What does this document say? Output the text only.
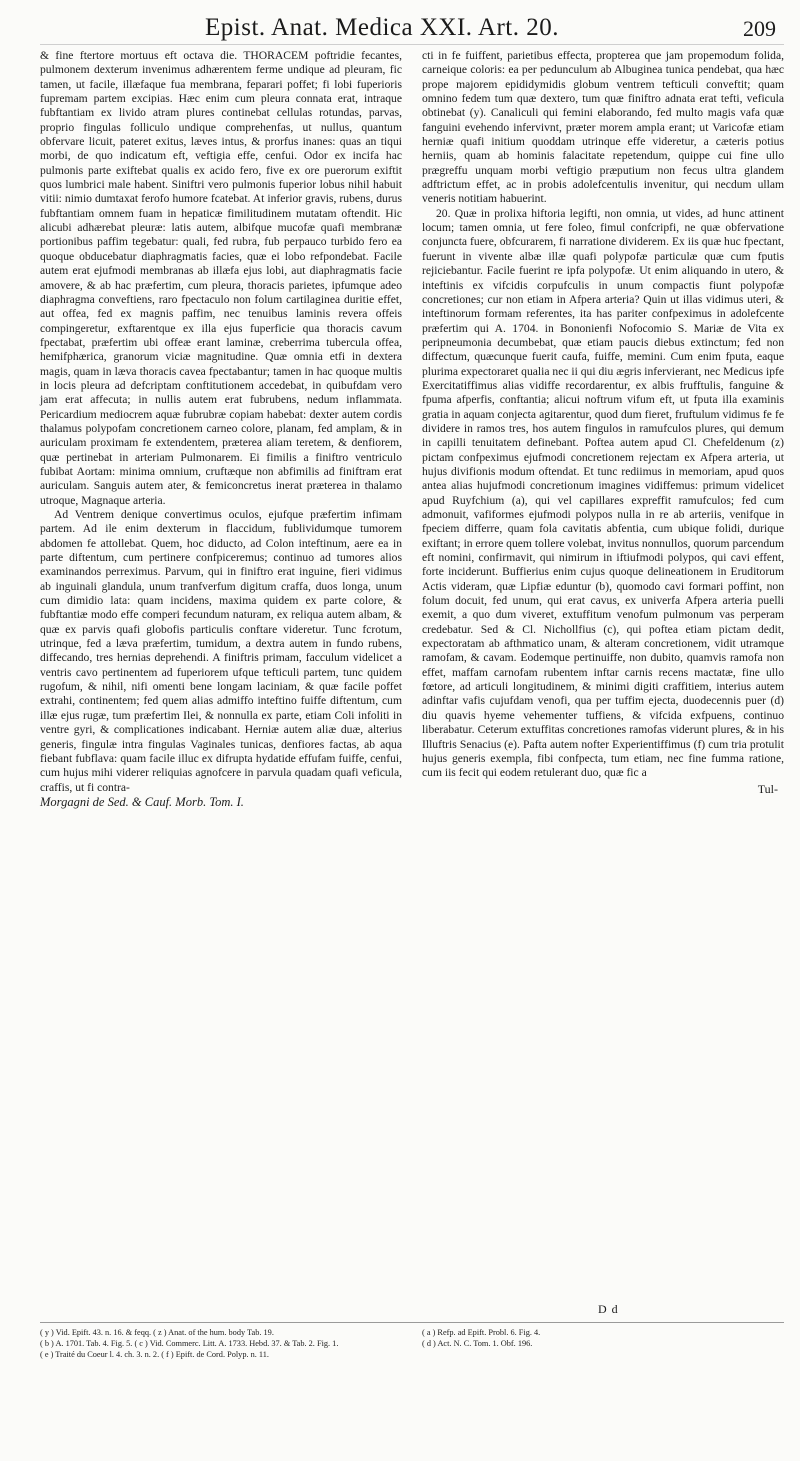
Epist. Anat. Medica XXI. Art. 20.	209

& fine ftertore mortuus eft octava die. THORACEM poftridie fecantes, pulmonem dexterum invenimus adhærentem ferme undique ad pleuram, fic tamen, ut facile, illæfaque fua membrana, feparari poffet; fi lobi fuperioris fupremam partem excipias. Hæc enim cum pleura connata erat, intraque fubftantiam ex livido atram plures continebat cellulas rotundas, parvas, proprio fingulas folliculo undique comprehenfas, ut nullus, quantum obfervare licuit, pateret exitus, læves intus, & prorfus inanes: quas an tiqui morbi, de quo indicatum eft, veftigia effe, cenfui. Odor ex incifa hac pulmonis parte exiftebat qualis ex acido fero, five ex ore puerorum exiftit quos lumbrici male habent. Siniftri vero pulmonis fuperior lobus nihil habuit vitii: nimio dumtaxat ferofo humore fcatebat. At inferior gravis, rubens, durus fubftantiam omnem fuam in hepaticæ fimilitudinem mutatam oftendit. Hic alicubi adhærebat pleuræ: latis autem, albifque mucofæ quafi membranæ portionibus paffim tegebatur: quali, fed rubra, fub perpauco turbido fero ea quoque obducebatur diaphragmatis facies, quæ ei lobo refpondebat. Facile autem erat ejufmodi membranas ab illæfa ejus lobi, aut diaphragmatis facie amovere, & ab hac præfertim, cum pleura, thoracis parietes, ipfumque adeo diaphragma conveftiens, raro fpectaculo non folum cartilaginea duritie effet, aut offea, fed ex magnis paffim, nec tenuibus laminis revera offeis compingeretur, exftarentque ex illa ejus fuperficie qua thoracis cavum fpectabat, præfertim ubi offeæ erant laminæ, creberrima tubercula offea, hemifphærica, granorum viciæ magnitudine. Quæ omnia etfi in dextera magis, quam in læva thoracis cavea fpectabantur; tamen in hac quoque multis in locis pleura ad defcriptam conftitutionem accedebat, in quibufdam vero jam erat affecuta; in nullis autem erat fubrubens, nedum inflammata. Pericardium mediocrem aquæ fubrubræ copiam habebat: dexter autem cordis thalamus polypofam concretionem carneo colore, planam, fed amplam, & in auriculam proximam fe extendentem, præterea aliam teretem, & denfiorem, quæ pertinebat in arteriam Pulmonarem. Ei fimilis a finiftro ventriculo fubibat Aortam: minima omnium, cruftæque non abfimilis ad finiftram erat auriculam. Sanguis autem ater, & femiconcretus inerat præterea in thalamo utroque, Magnaque arteria.

Ad Ventrem denique convertimus oculos, ejufque præfertim infimam partem. Ad ile enim dexterum in flaccidum, fublividumque tumorem abdomen fe attollebat. Quem, hoc diducto, ad Colon inteftinum, aere ea in parte diftentum, cum pertinere confpiceremus; continuo ad tumores alios examinandos perreximus. Parvum, qui in finiftro erat inguine, fieri vidimus ab inguinali glandula, unum tranfverfum digitum craffa, duos longa, unum cum dimidio lata: quam incidens, maxima quidem ex parte colore, & fubftantiæ modo effe comperi fecundum naturam, ex reliqua autem albam, & quæ ex parvis quafi globofis particulis conftare videretur. Tunc fcrotum, utrinque, fed a læva præfertim, tumidum, a dextra autem in fundo rubens, diffecando, tres hernias deprehendi. A finiftris primam, facculum videlicet a ventris cavo pertinentem ad fuperiorem ufque tefticuli partem, tunc quidem rugofum, & nihil, nifi omenti bene longam laciniam, & quæ facile poffet extrahi, continentem; fed quem alias admiffo inteftino fuiffe diftentum, cum illæ ejus rugæ, tum præfertim Ilei, & nonnulla ex parte, etiam Coli infoliti in ventre gyri, & complicationes indicabant. Herniæ autem aliæ duæ, alterius generis, fingulæ intra fingulas Vaginales tunicas, denfiores factas, ab aqua fiebant fubflava: quam facile illuc ex difrupta hydatide effufam fuiffe, cenfui, cum hujus mihi viderer reliquias agnofcere in parvula quadam quafi veficula, craffis, ut fi contra-

Morgagni de Sed. & Cauf. Morb. Tom. I.

cti in fe fuiffent, parietibus effecta, propterea que jam propemodum folida, carneique coloris: ea per pedunculum ab Albuginea tunica pendebat, qua hæc prope majorem epididymidis globum ventrem tefticuli conveftit; quam omnino fedem tum quæ dextero, tum quæ finiftro adnata erat tefti, veficula obtinebat (y). Canaliculi qui femini elaborando, fed multo magis vafa quæ fanguini evehendo infervivnt, præter morem ampla erant; ut Varicofæ etiam herniæ quafi initium quoddam utrinque effe videretur, a cæteris potius herniis, quam ab hominis falacitate repetendum, quippe cui fine ullo prægreffu unquam morbi veftigio præputium non fecus ultra glandem adftrictum effet, ac in probis adolefcentulis invenitur, qui necdum ullam veneris notitiam habuerint.

20. Quæ in prolixa hiftoria legifti, non omnia, ut vides, ad hunc attinent locum; tamen omnia, ut fere foleo, fimul confcripfi, ne quæ obfervatione conjuncta fuere, obfcurarem, fi narratione dividerem. Ex iis quæ huc fpectant, fuerunt in vivente albæ illæ quafi polypofæ particulæ quæ cum fputis rejiciebantur. Facile fuerint re ipfa polypofæ. Ut enim aliquando in utero, & inteftinis ex vifcidis corpufculis in unum compactis fiunt polypofæ concretiones; cur non etiam in Afpera arteria? Quin ut illas vidimus uteri, & inteftinorum formam referentes, ita has pariter confpeximus in adolefcente præfertim qui A. 1704. in Bononienfi Nofocomio S. Mariæ de Vita ex peripneumonia decumbebat, quæ etiam paucis diebus extinctum; fed non diffectum, quæcunque fuerit caufa, fuiffe, memini. Cum enim fputa, eaque plurima expectoraret qualia nec ii qui diu ægris infervierant, nec Medicus ipfe Exercitatiffimus alias vidiffe recordarentur, ex albis frufftulis, fanguine & fpuma afperfis, conftantia; alicui noftrum vifum eft, ut fputa illa examinis gratia in aquam conjecta agitarentur, quod dum fieret, fruftulum vidimus fe fe dividere in ramos tres, hos autem fingulos in ramufculos plures, qui demum in capilli tenuitatem definebant. Poftea autem apud Cl. Chefeldenum (z) pictam confpeximus ejufmodi concretionem rejectam ex Afpera arteria, ut hujus divifionis modum oftendat. Et tunc rediimus in memoriam, apud quos antea alias hujufmodi concretionum imagines vidiffemus: primum videlicet apud Ruyfchium (a), qui vel capillares expreffit ramufculos; fed cum admonuit, vafiformes ejufmodi polypos nulla in re ab arteriis, venifque in fpeciem differre, quam fola cavitatis abfentia, cum ubique folidi, durique exiftant; in errore quem tollere volebat, invitus nonnullos, quorum parcendum eft nomini, confirmavit, qui nimirum in iftiufmodi polypos, qui cavi effent, forte inciderunt. Buffierius enim cujus quoque delineationem in Eruditorum Actis videram, quæ Lipfiæ eduntur (b), quomodo cavi formari poffint, non folum docuit, fed unum, qui erat cavus, ex univerfa Afpera arteria puelli exemit, a quo dum viveret, extuffitum venofum pulmonum vas perperam credebatur. Sed & Cl. Nichollfius (c), qui poftea etiam pictam dedit, expectoratam ab afthmatico unam, & alteram concretionem, vidit utramque ramofam, & cavam. Eodemque pertinuiffe, non dubito, quamvis ramofa non effet, maffam carnofam rubentem inftar carnis recens mactatæ, fine ullo fœtore, ad articuli longitudinem, & minimi digiti craffitiem, interius autem adinftar vafis cujufdam venofi, qua per tuffim ejecta, duodecennis puer (d) diu quavis hyeme vehementer tuffiens, & vifcida exfpuens, continuo liberabatur. Ceterum extuffitas concretiones ramofas viderunt plures, & in his Illuftris Senacius (e). Pafta autem nofter Experientiffimus (f) cum tria protulit hujus generis exempla, fibi confpecta, tum etiam, nec fine fumma ratione, cum iis fecit qui eodem retulerant duo, quæ fic a

Tul-
D d
( y ) Vid. Epift. 43. n. 16. & feqq. ( z ) Anat. of the hum. body Tab. 19.
( b ) A. 1701. Tab. 4. Fig. 5. ( c ) Vid. Commerc. Litt. A. 1733. Hebd. 37. & Tab. 2. Fig. 1.
( e ) Traité du Coeur l. 4. ch. 3. n. 2. ( f ) Epift. de Cord. Polyp. n. 11.
( a ) Refp. ad Epift. Probl. 6. Fig. 4.
( d ) Act. N. C. Tom. 1. Obf. 196.
